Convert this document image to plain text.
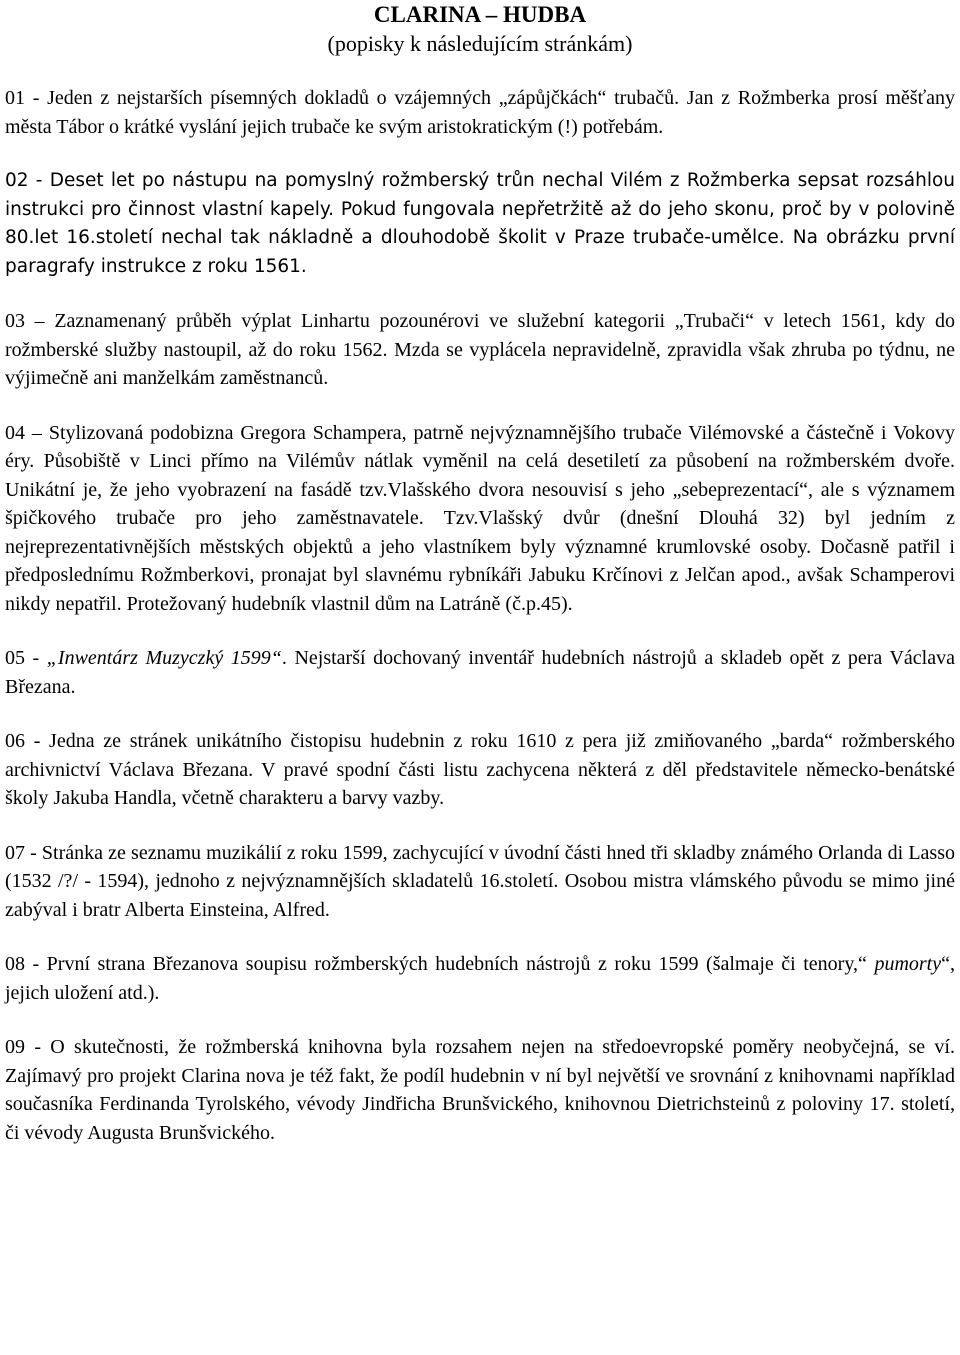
CLARINA – HUDBA
(popisky k následujícím stránkám)

01 - Jeden z nejstarších písemných dokladů o vzájemných „zápůjčkách“ trubačů. Jan z Rožmberka prosí měšťany města Tábor o krátké vyslání jejich trubače ke svým aristokratickým (!) potřebám.

02 - Deset let po nástupu na pomyslný rožmberský trůn nechal Vilém z Rožmberka sepsat rozsáhlou instrukci pro činnost vlastní kapely. Pokud fungovala nepřetržitě až do jeho skonu, proč by v polovině 80.let 16.století nechal tak nákladně a dlouhodobě školit v Praze trubače-umělce. Na obrázku první paragrafy instrukce z roku 1561.

03 – Zaznamenaný průběh výplat Linhartu pozounérovi ve služební kategorii „Trubači“ v letech 1561, kdy do rožmberské služby nastoupil, až do roku 1562. Mzda se vyplácela nepravidelně, zpravidla však zhruba po týdnu, ne výjimečně ani manželkám zaměstnanců.

04 – Stylizovaná podobizna Gregora Schampera, patrně nejvýznamnějšího trubače Vilémovské a částečně i Vokovy éry. Působiště v Linci přímo na Vilémův nátlak vyměnil na celá desetiletí za působení na rožmberském dvoře. Unikátní je, že jeho vyobrazení na fasádě tzv.Vlašského dvora nesouvisí s jeho „sebeprezentací“, ale s významem špičkového trubače pro jeho zaměstnavatele. Tzv.Vlašský dvůr (dnešní Dlouhá 32) byl jedním z nejreprezentativnějších městských objektů a jeho vlastníkem byly významné krumlovské osoby. Dočasně patřil i předposlednímu Rožmberkovi, pronajat byl slavnému rybníkáři Jabuku Krčínovi z Jelčan apod., avšak Schamperovi nikdy nepatřil. Protežovaný hudebník vlastnil dům na Latráně (č.p.45).

05 - „Inwentárz Muzyczký 1599“. Nejstarší dochovaný inventář hudebních nástrojů a skladeb opět z pera Václava Březana.

06 - Jedna ze stránek unikátního čistopisu hudebnin z roku 1610 z pera již zmiňovaného „barda“ rožmberského archivnictví Václava Březana. V pravé spodní části listu zachycena některá z děl představitele německo-benátské školy Jakuba Handla, včetně charakteru a barvy vazby.

07 - Stránka ze seznamu muzikálií z roku 1599, zachycující v úvodní části hned tři skladby známého Orlanda di Lasso (1532 /?/ - 1594), jednoho z nejvýznamnějších skladatelů 16.století. Osobou mistra vlámského původu se mimo jiné zabýval i bratr Alberta Einsteina, Alfred.

08 - První strana Březanova soupisu rožmberských hudebních nástrojů z roku 1599 (šalmaje či tenory,“ pumorty“, jejich uložení atd.).

09 - O skutečnosti, že rožmberská knihovna byla rozsahem nejen na středoevropské poměry neobyčejná, se ví. Zajímavý pro projekt Clarina nova je též fakt, že podíl hudebnin v ní byl největší ve srovnání z knihovnami například současníka Ferdinanda Tyrolského, vévody Jindřicha Brunšvického, knihovnou Dietrichsteinů z poloviny 17. století, či vévody Augusta Brunšvického.
